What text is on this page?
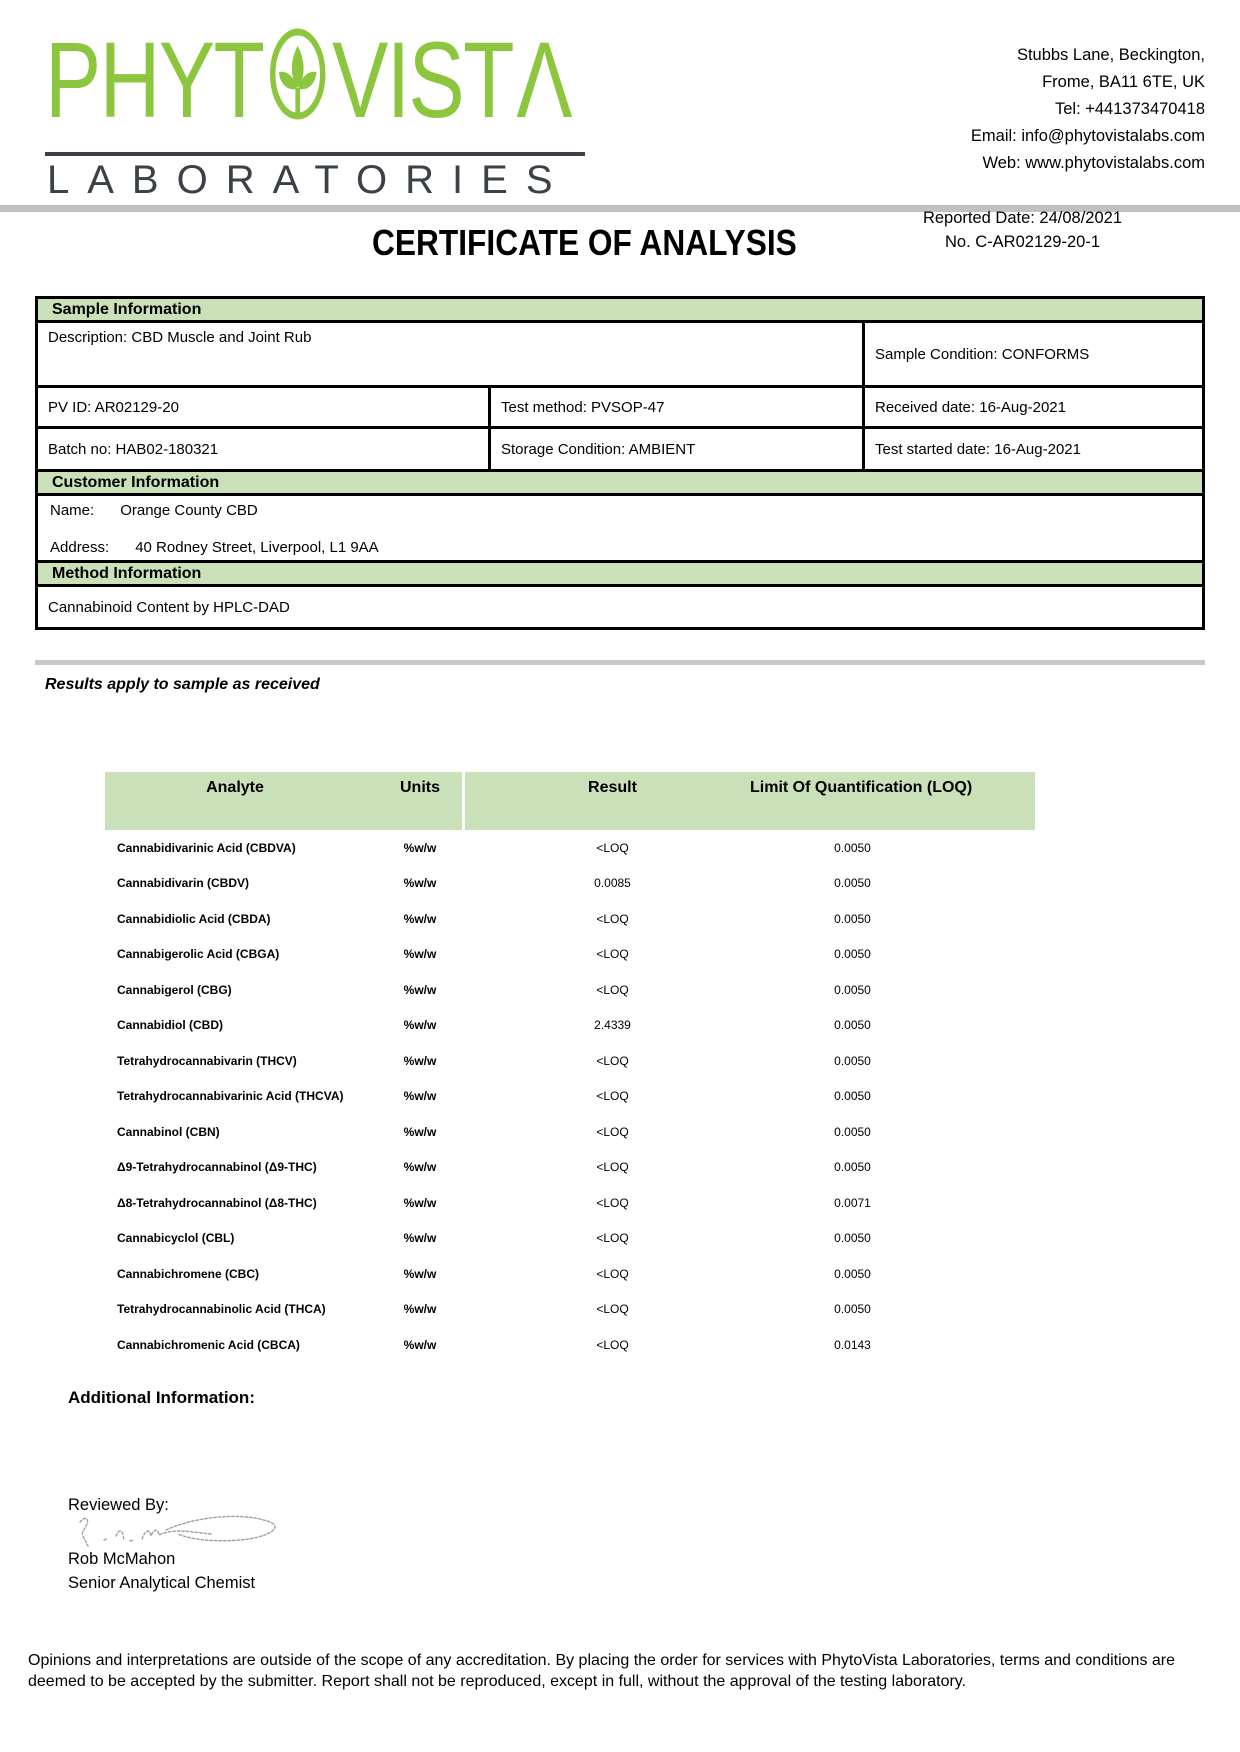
PHYT VIST Λ
LABORATORIES
Stubbs Lane, Beckington,
Frome, BA11 6TE, UK
Tel: +441373470418
Email: info@phytovistalabs.com
Web: www.phytovistalabs.com
CERTIFICATE OF ANALYSIS
Reported Date: 24/08/2021
No. C-AR02129-20-1
Sample Information
Description: CBD Muscle and Joint Rub
Sample Condition: CONFORMS
PV ID: AR02129-20	Test method: PVSOP-47	Received date: 16-Aug-2021
Batch no: HAB02-180321	Storage Condition: AMBIENT	Test started date: 16-Aug-2021
Customer Information
Name: Orange County CBD
Address: 40 Rodney Street, Liverpool, L1 9AA
Method Information
Cannabinoid Content by HPLC-DAD
Results apply to sample as received
Analyte	Units	Result	Limit Of Quantification (LOQ)
Cannabidivarinic Acid (CBDVA)	%w/w	<LOQ	0.0050
Cannabidivarin (CBDV)	%w/w	0.0085	0.0050
Cannabidiolic Acid (CBDA)	%w/w	<LOQ	0.0050
Cannabigerolic Acid (CBGA)	%w/w	<LOQ	0.0050
Cannabigerol (CBG)	%w/w	<LOQ	0.0050
Cannabidiol (CBD)	%w/w	2.4339	0.0050
Tetrahydrocannabivarin (THCV)	%w/w	<LOQ	0.0050
Tetrahydrocannabivarinic Acid (THCVA)	%w/w	<LOQ	0.0050
Cannabinol (CBN)	%w/w	<LOQ	0.0050
Δ9-Tetrahydrocannabinol (Δ9-THC)	%w/w	<LOQ	0.0050
Δ8-Tetrahydrocannabinol (Δ8-THC)	%w/w	<LOQ	0.0071
Cannabicyclol (CBL)	%w/w	<LOQ	0.0050
Cannabichromene (CBC)	%w/w	<LOQ	0.0050
Tetrahydrocannabinolic Acid (THCA)	%w/w	<LOQ	0.0050
Cannabichromenic Acid (CBCA)	%w/w	<LOQ	0.0143
Additional Information:
Reviewed By:
Rob McMahon
Senior Analytical Chemist
Opinions and interpretations are outside of the scope of any accreditation. By placing the order for services with PhytoVista Laboratories, terms and conditions are deemed to be accepted by the submitter. Report shall not be reproduced, except in full, without the approval of the testing laboratory.
